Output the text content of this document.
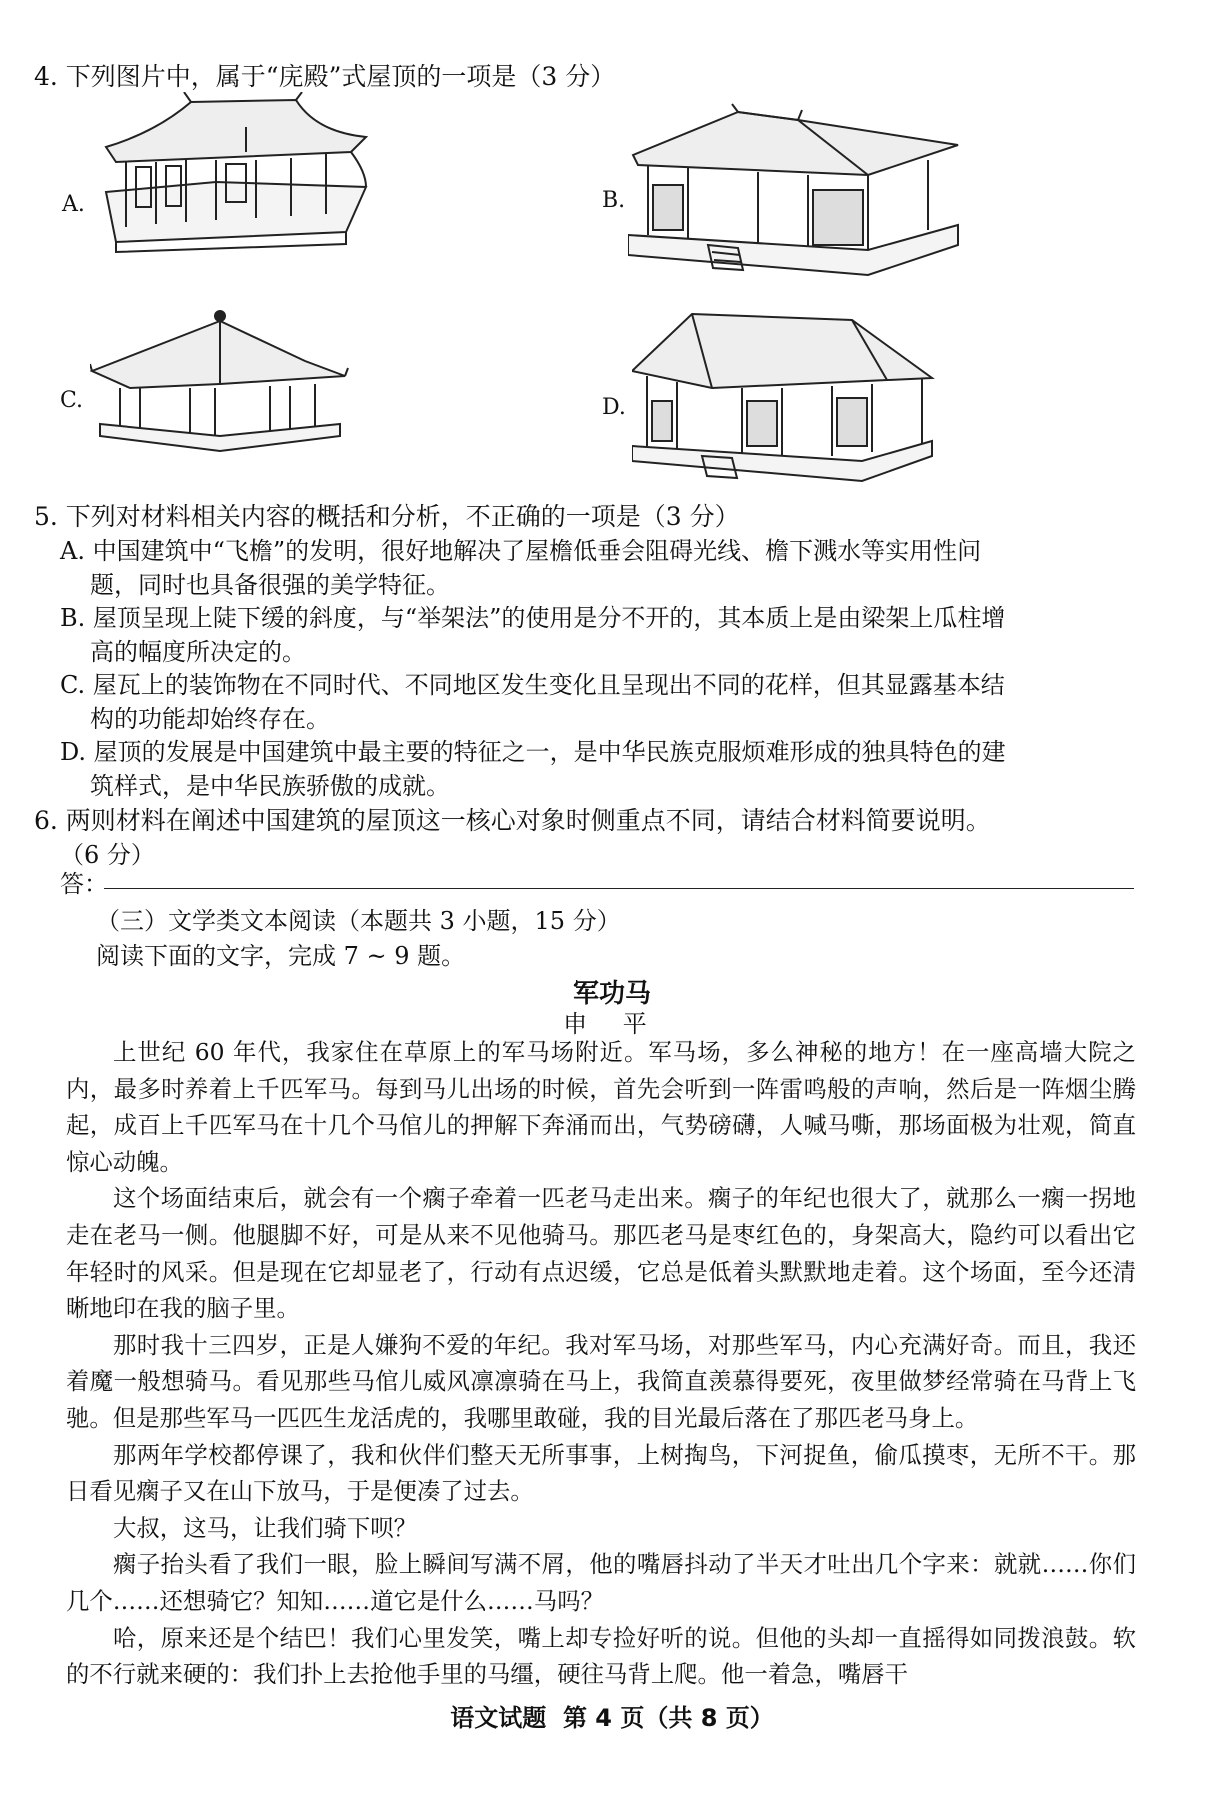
4. 下列图片中，属于“庑殿”式屋顶的一项是（3 分）
A.	B.
C.	D.
5. 下列对材料相关内容的概括和分析，不正确的一项是（3 分）
A. 中国建筑中“飞檐”的发明，很好地解决了屋檐低垂会阻碍光线、檐下溅水等实用性问
题，同时也具备很强的美学特征。
B. 屋顶呈现上陡下缓的斜度，与“举架法”的使用是分不开的，其本质上是由梁架上瓜柱增
高的幅度所决定的。
C. 屋瓦上的装饰物在不同时代、不同地区发生变化且呈现出不同的花样，但其显露基本结
构的功能却始终存在。
D. 屋顶的发展是中国建筑中最主要的特征之一，是中华民族克服烦难形成的独具特色的建
筑样式，是中华民族骄傲的成就。
6. 两则材料在阐述中国建筑的屋顶这一核心对象时侧重点不同，请结合材料简要说明。
（6 分）
答：
（三）文学类文本阅读（本题共 3 小题，15 分）
阅读下面的文字，完成 7 ~ 9 题。
军功马
申 平

上世纪 60 年代，我家住在草原上的军马场附近。军马场，多么神秘的地方！在一座高墙大院之内，最多时养着上千匹军马。每到马儿出场的时候，首先会听到一阵雷鸣般的声响，然后是一阵烟尘腾起，成百上千匹军马在十几个马倌儿的押解下奔涌而出，气势磅礴，人喊马嘶，那场面极为壮观，简直惊心动魄。

这个场面结束后，就会有一个瘸子牵着一匹老马走出来。瘸子的年纪也很大了，就那么一瘸一拐地走在老马一侧。他腿脚不好，可是从来不见他骑马。那匹老马是枣红色的，身架高大，隐约可以看出它年轻时的风采。但是现在它却显老了，行动有点迟缓，它总是低着头默默地走着。这个场面，至今还清晰地印在我的脑子里。

那时我十三四岁，正是人嫌狗不爱的年纪。我对军马场，对那些军马，内心充满好奇。而且，我还着魔一般想骑马。看见那些马倌儿威风凛凛骑在马上，我简直羡慕得要死，夜里做梦经常骑在马背上飞驰。但是那些军马一匹匹生龙活虎的，我哪里敢碰，我的目光最后落在了那匹老马身上。

那两年学校都停课了，我和伙伴们整天无所事事，上树掏鸟，下河捉鱼，偷瓜摸枣，无所不干。那日看见瘸子又在山下放马，于是便凑了过去。

大叔，这马，让我们骑下呗？

瘸子抬头看了我们一眼，脸上瞬间写满不屑，他的嘴唇抖动了半天才吐出几个字来：就就……你们几个……还想骑它？知知……道它是什么……马吗？

哈，原来还是个结巴！我们心里发笑，嘴上却专捡好听的说。但他的头却一直摇得如同拨浪鼓。软的不行就来硬的：我们扑上去抢他手里的马缰，硬往马背上爬。他一着急，嘴唇干

语文试题 第 4 页（共 8 页）
